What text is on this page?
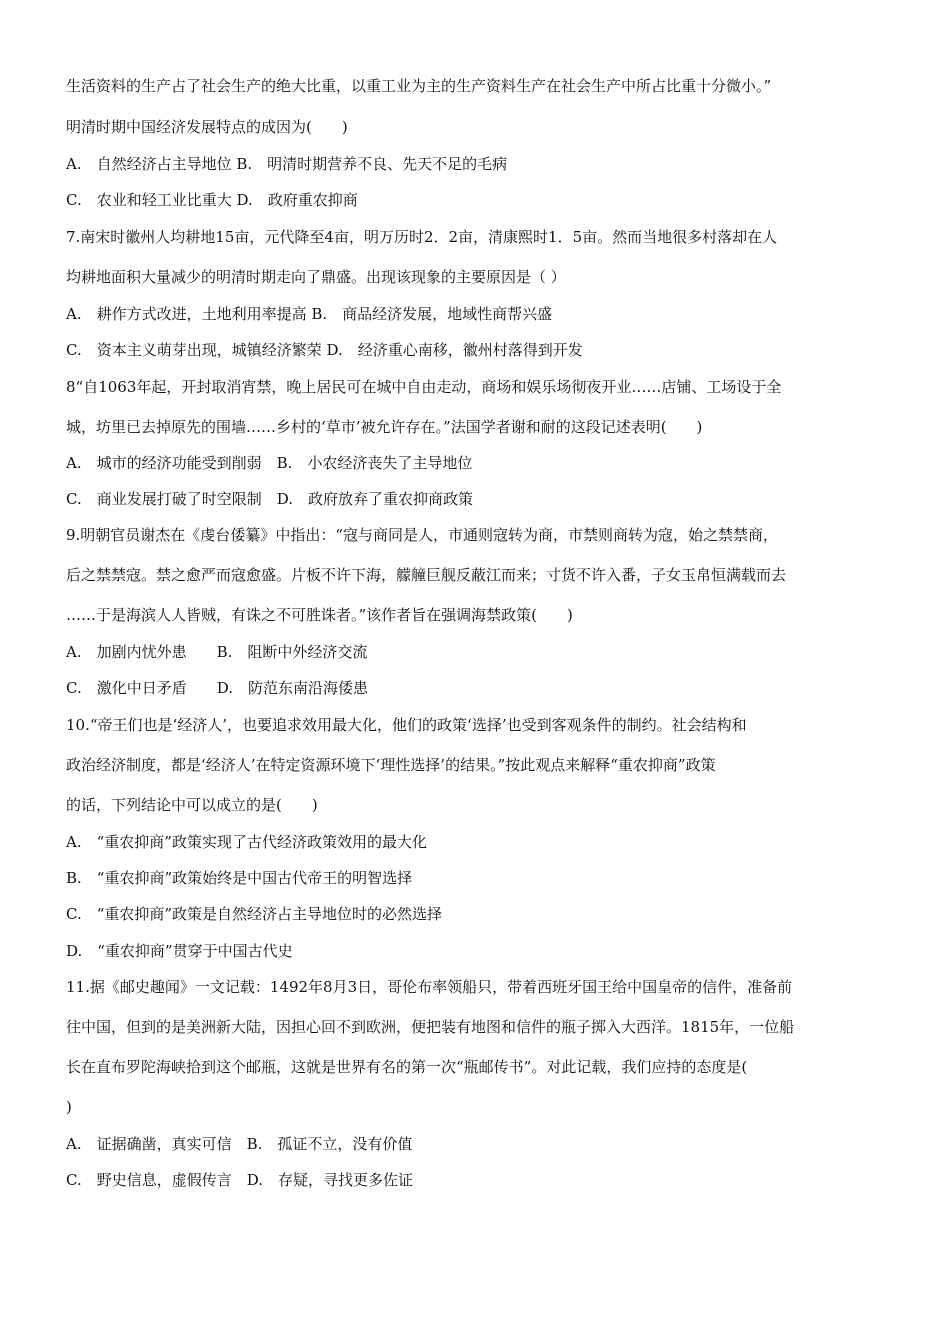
生活资料的生产占了社会生产的绝大比重，以重工业为主的生产资料生产在社会生产中所占比重十分微小。”
明清时期中国经济发展特点的成因为(　　)
A.　自然经济占主导地位 B.　明清时期营养不良、先天不足的毛病
C.　农业和轻工业比重大 D.　政府重农抑商
7.南宋时徽州人均耕地15亩，元代降至4亩，明万历时2．2亩，清康熙时1．5亩。然而当地很多村落却在人
均耕地面积大量减少的明清时期走向了鼎盛。出现该现象的主要原因是（ ）
A.　耕作方式改进，土地利用率提高 B.　商品经济发展，地域性商帮兴盛
C.　资本主义萌芽出现，城镇经济繁荣 D.　经济重心南移，徽州村落得到开发
8“自1063年起，开封取消宵禁，晚上居民可在城中自由走动，商场和娱乐场彻夜开业……店铺、工场设于全
城，坊里已去掉原先的围墙……乡村的‘草市’被允许存在。”法国学者谢和耐的这段记述表明(　　)
A.　城市的经济功能受到削弱　B.　小农经济丧失了主导地位
C.　商业发展打破了时空限制　D.　政府放弃了重农抑商政策
9.明朝官员谢杰在《虔台倭纂》中指出：“寇与商同是人，市通则寇转为商，市禁则商转为寇，始之禁禁商，
后之禁禁寇。禁之愈严而寇愈盛。片板不许下海，艨艟巨舰反蔽江而来；寸货不许入番，子女玉帛恒满载而去
……于是海滨人人皆贼，有诛之不可胜诛者。”该作者旨在强调海禁政策(　　)
A.　加剧内忧外患　　B.　阻断中外经济交流
C.　激化中日矛盾　　D.　防范东南沿海倭患
10.“帝王们也是‘经济人’，也要追求效用最大化，他们的政策‘选择’也受到客观条件的制约。社会结构和
政治经济制度，都是‘经济人’在特定资源环境下‘理性选择’的结果。”按此观点来解释“重农抑商”政策
的话，下列结论中可以成立的是(　　)
A.　“重农抑商”政策实现了古代经济政策效用的最大化
B.　“重农抑商”政策始终是中国古代帝王的明智选择
C.　“重农抑商”政策是自然经济占主导地位时的必然选择
D.　“重农抑商”贯穿于中国古代史
11.据《邮史趣闻》一文记载：1492年8月3日，哥伦布率领船只，带着西班牙国王给中国皇帝的信件，准备前
往中国，但到的是美洲新大陆，因担心回不到欧洲，便把装有地图和信件的瓶子掷入大西洋。1815年，一位船
长在直布罗陀海峡拾到这个邮瓶，这就是世界有名的第一次“瓶邮传书”。对此记载，我们应持的态度是(
)
A.　证据确凿，真实可信　B.　孤证不立，没有价值
C.　野史信息，虚假传言　D.　存疑，寻找更多佐证
